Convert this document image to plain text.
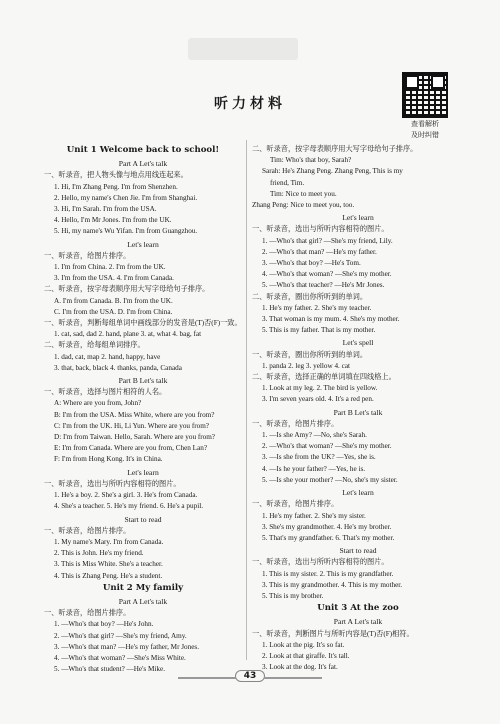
听力材料
查看解析
及时纠错
Unit 1 Welcome back to school!
Part A Let's talk
一、听录音，把人物头像与地点用线连起来。
1. Hi, I'm Zhang Peng. I'm from Shenzhen.
2. Hello, my name's Chen Jie. I'm from Shanghai.
3. Hi, I'm Sarah. I'm from the USA.
4. Hello, I'm Mr Jones. I'm from the UK.
5. Hi, my name's Wu Yifan. I'm from Guangzhou.
Let's learn
一、听录音，给图片排序。
1. I'm from China. 2. I'm from the UK.
3. I'm from the USA. 4. I'm from Canada.
二、听录音，按字母表顺序用大写字母给句子排序。
A. I'm from Canada. B. I'm from the UK.
C. I'm from the USA. D. I'm from China.
一、听录音，判断每组单词中画线部分的发音是(T)否(F)一致。
1. cat, sad, dad 2. hand, plane 3. at, what 4. bag, fat
二、听录音，给每组单词排序。
1. dad, cat, map 2. hand, happy, have
3. that, back, black 4. thanks, panda, Canada
Part B Let's talk
一、听录音，选择与图片相符的人名。
A: Where are you from, John?
B: I'm from the USA. Miss White, where are you from?
C: I'm from the UK. Hi, Li Yun. Where are you from?
D: I'm from Taiwan. Hello, Sarah. Where are you from?
E: I'm from Canada. Where are you from, Chen Lan?
F: I'm from Hong Kong. It's in China.
Let's learn
一、听录音，选出与所听内容相符的图片。
1. He's a boy. 2. She's a girl. 3. He's from Canada.
4. She's a teacher. 5. He's my friend. 6. He's a pupil.
Start to read
一、听录音，给图片排序。
1. My name's Mary. I'm from Canada.
2. This is John. He's my friend.
3. This is Miss White. She's a teacher.
4. This is Zhang Peng. He's a student.
Unit 2 My family
Part A Let's talk
一、听录音，给图片排序。
1. —Who's that boy? —He's John.
2. —Who's that girl? —She's my friend, Amy.
3. —Who's that man? —He's my father, Mr Jones.
4. —Who's that woman? —She's Miss White.
5. —Who's that student? —He's Mike.
二、听录音，按字母表顺序用大写字母给句子排序。
Tim: Who's that boy, Sarah?
Sarah: He's Zhang Peng. Zhang Peng, This is my
friend, Tim.
Tim: Nice to meet you.
Zhang Peng: Nice to meet you, too.
Let's learn
一、听录音，选出与所听内容相符的图片。
1. —Who's that girl? —She's my friend, Lily.
2. —Who's that man? —He's my father.
3. —Who's that boy? —He's Tom.
4. —Who's that woman? —She's my mother.
5. —Who's that teacher? —He's Mr Jones.
二、听录音，圈出你所听到的单词。
1. He's my father. 2. She's my teacher.
3. That woman is my mum. 4. She's my mother.
5. This is my father. That is my mother.
Let's spell
一、听录音，圈出你所听到的单词。
1. panda 2. leg 3. yellow 4. cat
二、听录音，选择正确的单词填在四线格上。
1. Look at my leg. 2. The bird is yellow.
3. I'm seven years old. 4. It's a red pen.
Part B Let's talk
一、听录音，给图片排序。
1. —Is she Amy? —No, she's Sarah.
2. —Who's that woman? —She's my mother.
3. —Is she from the UK? —Yes, she is.
4. —Is he your father? —Yes, he is.
5. —Is she your mother? —No, she's my sister.
Let's learn
一、听录音，给图片排序。
1. He's my father. 2. She's my sister.
3. She's my grandmother. 4. He's my brother.
5. That's my grandfather. 6. That's my mother.
Start to read
一、听录音，选出与所听内容相符的图片。
1. This is my sister. 2. This is my grandfather.
3. This is my grandmother. 4. This is my mother.
5. This is my brother.
Unit 3 At the zoo
Part A Let's talk
一、听录音，判断图片与所听内容是(T)否(F)相符。
1. Look at the pig. It's so fat.
2. Look at that giraffe. It's tall.
3. Look at the dog. It's fat.
43
